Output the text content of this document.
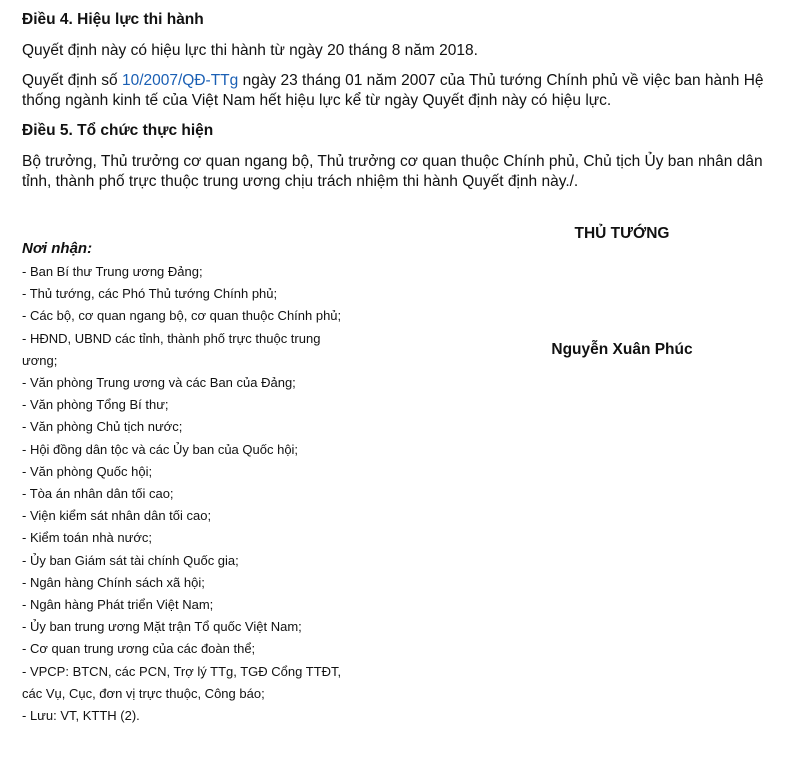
Điều 4. Hiệu lực thi hành
Quyết định này có hiệu lực thi hành từ ngày 20 tháng 8 năm 2018.
Quyết định số 10/2007/QĐ-TTg ngày 23 tháng 01 năm 2007 của Thủ tướng Chính phủ về việc ban hành Hệ thống ngành kinh tế của Việt Nam hết hiệu lực kể từ ngày Quyết định này có hiệu lực.
Điều 5. Tổ chức thực hiện
Bộ trưởng, Thủ trưởng cơ quan ngang bộ, Thủ trưởng cơ quan thuộc Chính phủ, Chủ tịch Ủy ban nhân dân tỉnh, thành phố trực thuộc trung ương chịu trách nhiệm thi hành Quyết định này./.
Nơi nhận:
- Ban Bí thư Trung ương Đảng;
- Thủ tướng, các Phó Thủ tướng Chính phủ;
- Các bộ, cơ quan ngang bộ, cơ quan thuộc Chính phủ;
- HĐND, UBND các tỉnh, thành phố trực thuộc trung
ương;
- Văn phòng Trung ương và các Ban của Đảng;
- Văn phòng Tổng Bí thư;
- Văn phòng Chủ tịch nước;
- Hội đồng dân tộc và các Ủy ban của Quốc hội;
- Văn phòng Quốc hội;
- Tòa án nhân dân tối cao;
- Viện kiểm sát nhân dân tối cao;
- Kiểm toán nhà nước;
- Ủy ban Giám sát tài chính Quốc gia;
- Ngân hàng Chính sách xã hội;
- Ngân hàng Phát triển Việt Nam;
- Ủy ban trung ương Mặt trận Tổ quốc Việt Nam;
- Cơ quan trung ương của các đoàn thể;
- VPCP: BTCN, các PCN, Trợ lý TTg, TGĐ Cổng TTĐT,
các Vụ, Cục, đơn vị trực thuộc, Công báo;
- Lưu: VT, KTTH (2).
THỦ TƯỚNG
Nguyễn Xuân Phúc
